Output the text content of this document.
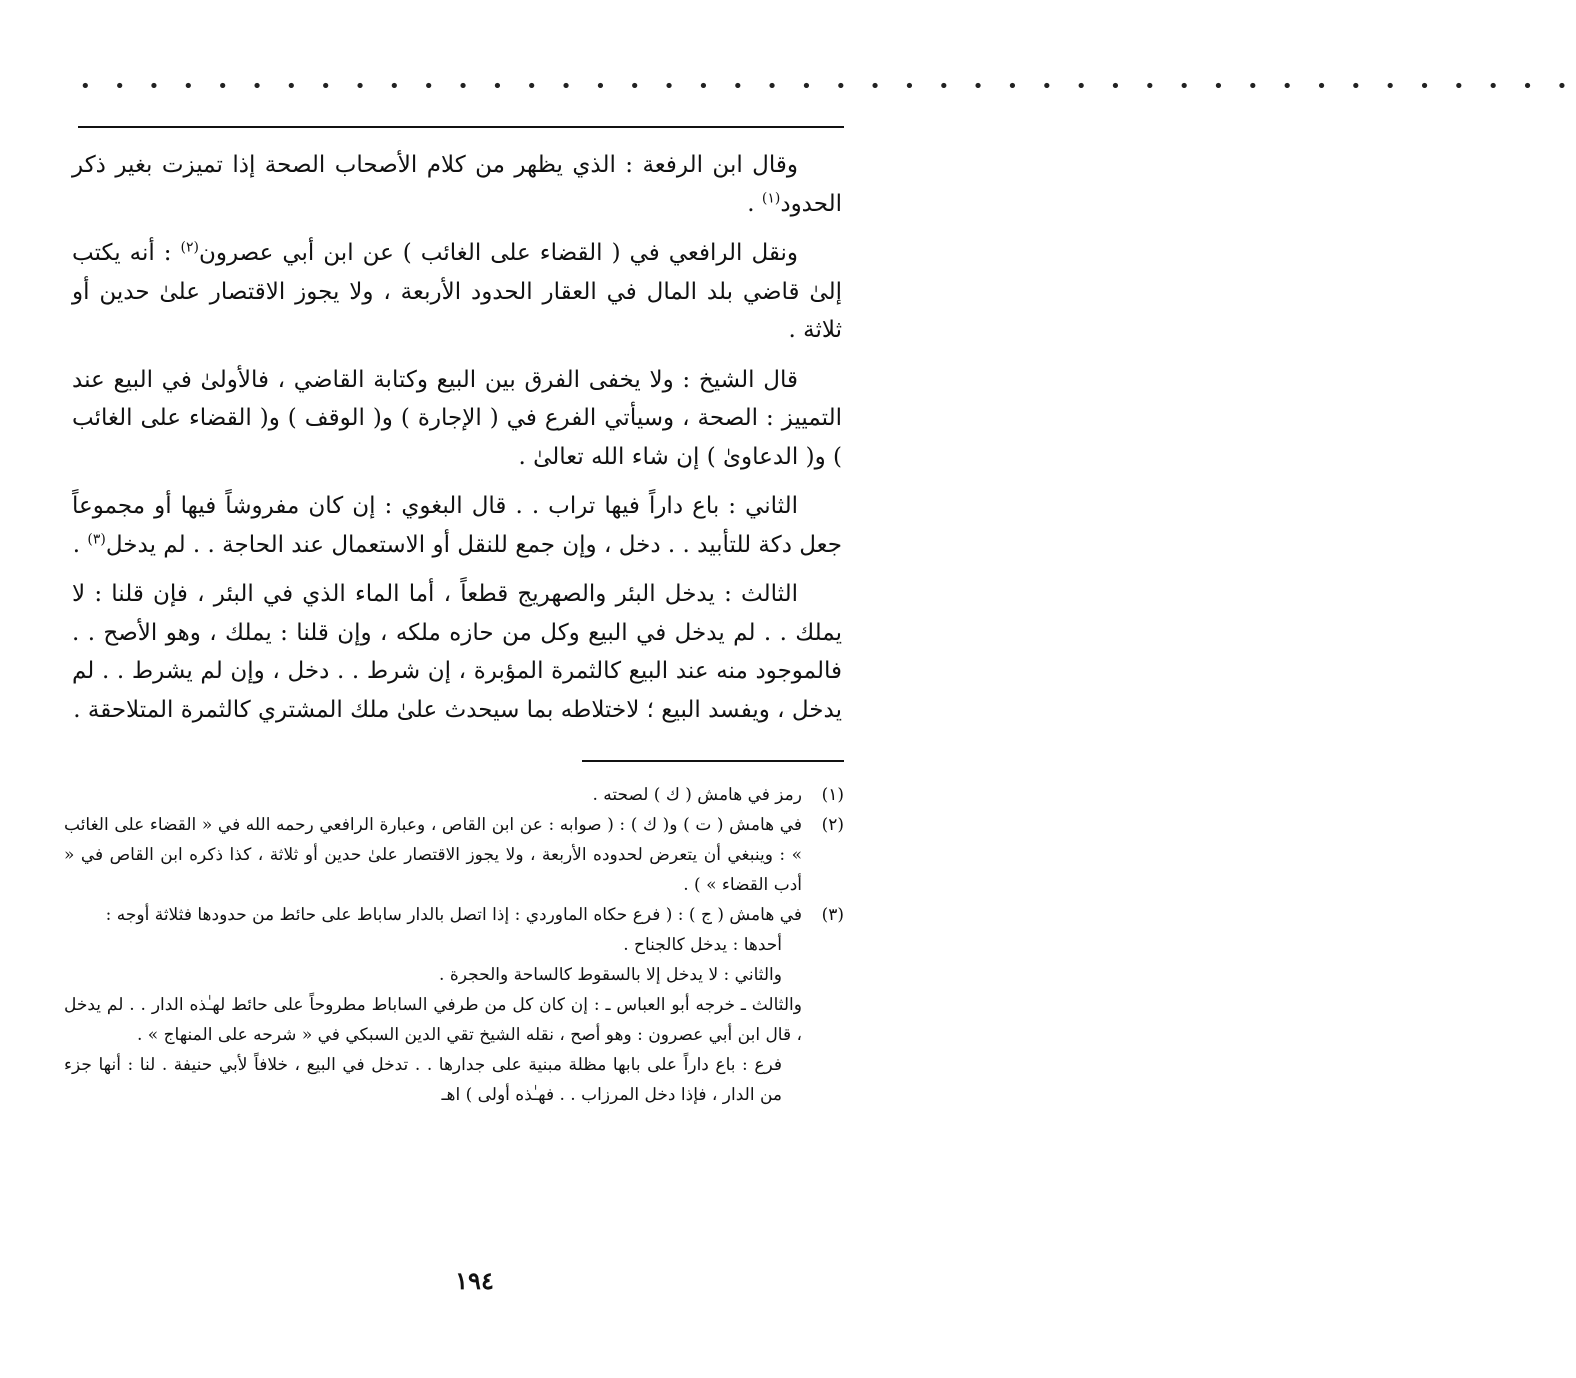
• • • • • • • • • • • • • • • • • • • • • • • • • • • • • • • • • • • • • • • • • • • •

وقال ابن الرفعة : الذي يظهر من كلام الأصحاب الصحة إذا تميزت بغير ذكر الحدود$^{(١)}$ .

ونقل الرافعي في ( القضاء على الغائب ) عن ابن أبي عصرون$^{(٢)}$ : أنه يكتب إلىٰ قاضي بلد المال في العقار الحدود الأربعة ، ولا يجوز الاقتصار علىٰ حدين أو ثلاثة .

قال الشيخ : ولا يخفى الفرق بين البيع وكتابة القاضي ، فالأولىٰ في البيع عند التمييز : الصحة ، وسيأتي الفرع في ( الإجارة ) و( الوقف ) و( القضاء على الغائب ) و( الدعاوىٰ ) إن شاء الله تعالىٰ .

الثاني : باع داراً فيها تراب . . قال البغوي : إن كان مفروشاً فيها أو مجموعاً جعل دكة للتأبيد . . دخل ، وإن جمع للنقل أو الاستعمال عند الحاجة . . لم يدخل$^{(٣)}$ .

الثالث : يدخل البئر والصهريج قطعاً ، أما الماء الذي في البئر ، فإن قلنا : لا يملك . . لم يدخل في البيع وكل من حازه ملكه ، وإن قلنا : يملك ، وهو الأصح . . فالموجود منه عند البيع كالثمرة المؤبرة ، إن شرط . . دخل ، وإن لم يشرط . . لم يدخل ، ويفسد البيع ؛ لاختلاطه بما سيحدث علىٰ ملك المشتري كالثمرة المتلاحقة .

(١)

رمز في هامش ( ك ) لصحته .

(٢)

في هامش ( ت ) و( ك ) : ( صوابه : عن ابن القاص ، وعبارة الرافعي رحمه الله في « القضاء على الغائب » : وينبغي أن يتعرض لحدوده الأربعة ، ولا يجوز الاقتصار علىٰ حدين أو ثلاثة ، كذا ذكره ابن القاص في « أدب القضاء » ) .

(٣)

في هامش ( ج ) : ( فرع حكاه الماوردي : إذا اتصل بالدار ساباط على حائط من حدودها فثلاثة أوجه :

أحدها : يدخل كالجناح .

والثاني : لا يدخل إلا بالسقوط كالساحة والحجرة .

والثالث ـ خرجه أبو العباس ـ : إن كان كل من طرفي الساباط مطروحاً على حائط لهـٰذه الدار . . لم يدخل ، قال ابن أبي عصرون : وهو أصح ، نقله الشيخ تقي الدين السبكي في « شرحه على المنهاج » .

فرع : باع داراً على بابها مظلة مبنية على جدارها . . تدخل في البيع ، خلافاً لأبي حنيفة . لنا : أنها جزء من الدار ، فإذا دخل المرزاب . . فهـٰذه أولى ) اهـ

١٩٤
